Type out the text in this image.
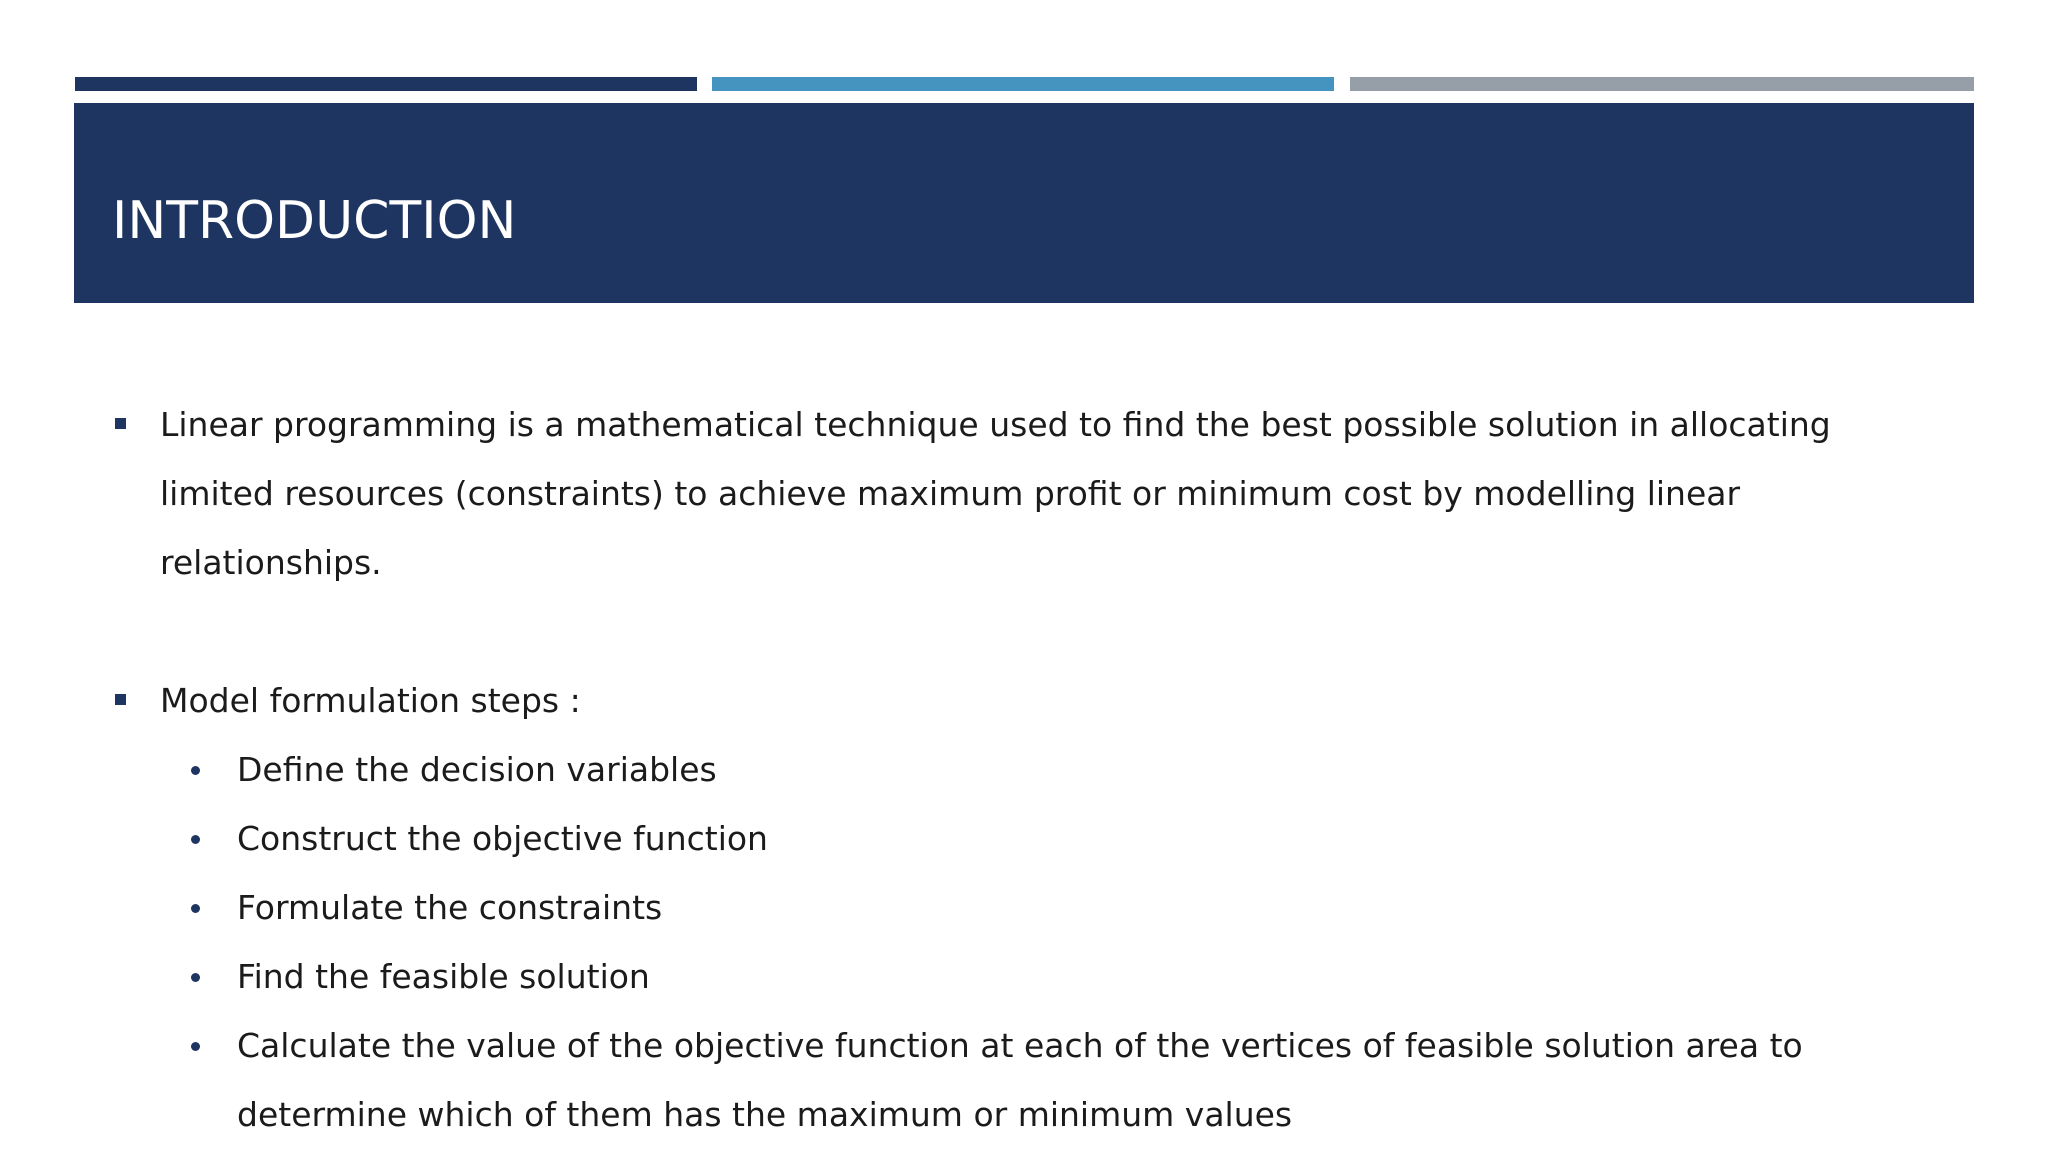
INTRODUCTION
Linear programming is a mathematical technique used to find the best possible solution in allocating
limited resources (constraints) to achieve maximum profit or minimum cost by modelling linear
relationships.
Model formulation steps :
Define the decision variables
Construct the objective function
Formulate the constraints
Find the feasible solution
Calculate the value of the objective function at each of the vertices of feasible solution area to
determine which of them has the maximum or minimum values
